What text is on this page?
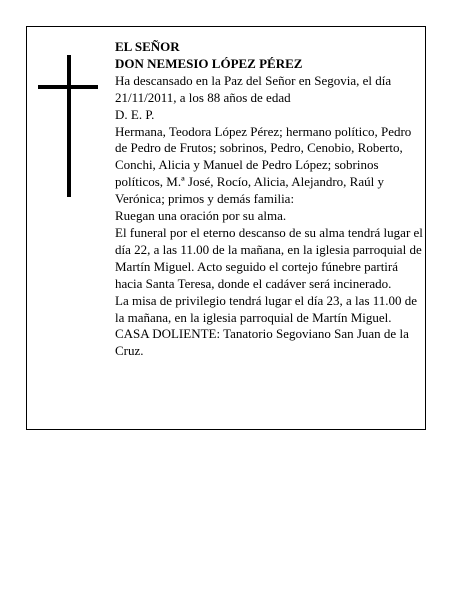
EL SEÑOR

DON NEMESIO LÓPEZ PÉREZ

Ha descansado en la Paz del Señor en Segovia, el día 21/11/2011, a los 88 años de edad

D. E. P.

Hermana, Teodora López Pérez; hermano político, Pedro de Pedro de Frutos; sobrinos, Pedro, Cenobio, Roberto, Conchi, Alicia y Manuel de Pedro López; sobrinos políticos, M.ª José, Rocío, Alicia, Alejandro, Raúl y Verónica; primos y demás familia:

Ruegan una oración por su alma.

El funeral por el eterno descanso de su alma tendrá lugar el día 22, a las 11.00 de la mañana, en la iglesia parroquial de Martín Miguel. Acto seguido el cortejo fúnebre partirá hacia Santa Teresa, donde el cadáver será incinerado.

La misa de privilegio tendrá lugar el día 23, a las 11.00 de la mañana, en la iglesia parroquial de Martín Miguel.

CASA DOLIENTE: Tanatorio Segoviano San Juan de la Cruz.
